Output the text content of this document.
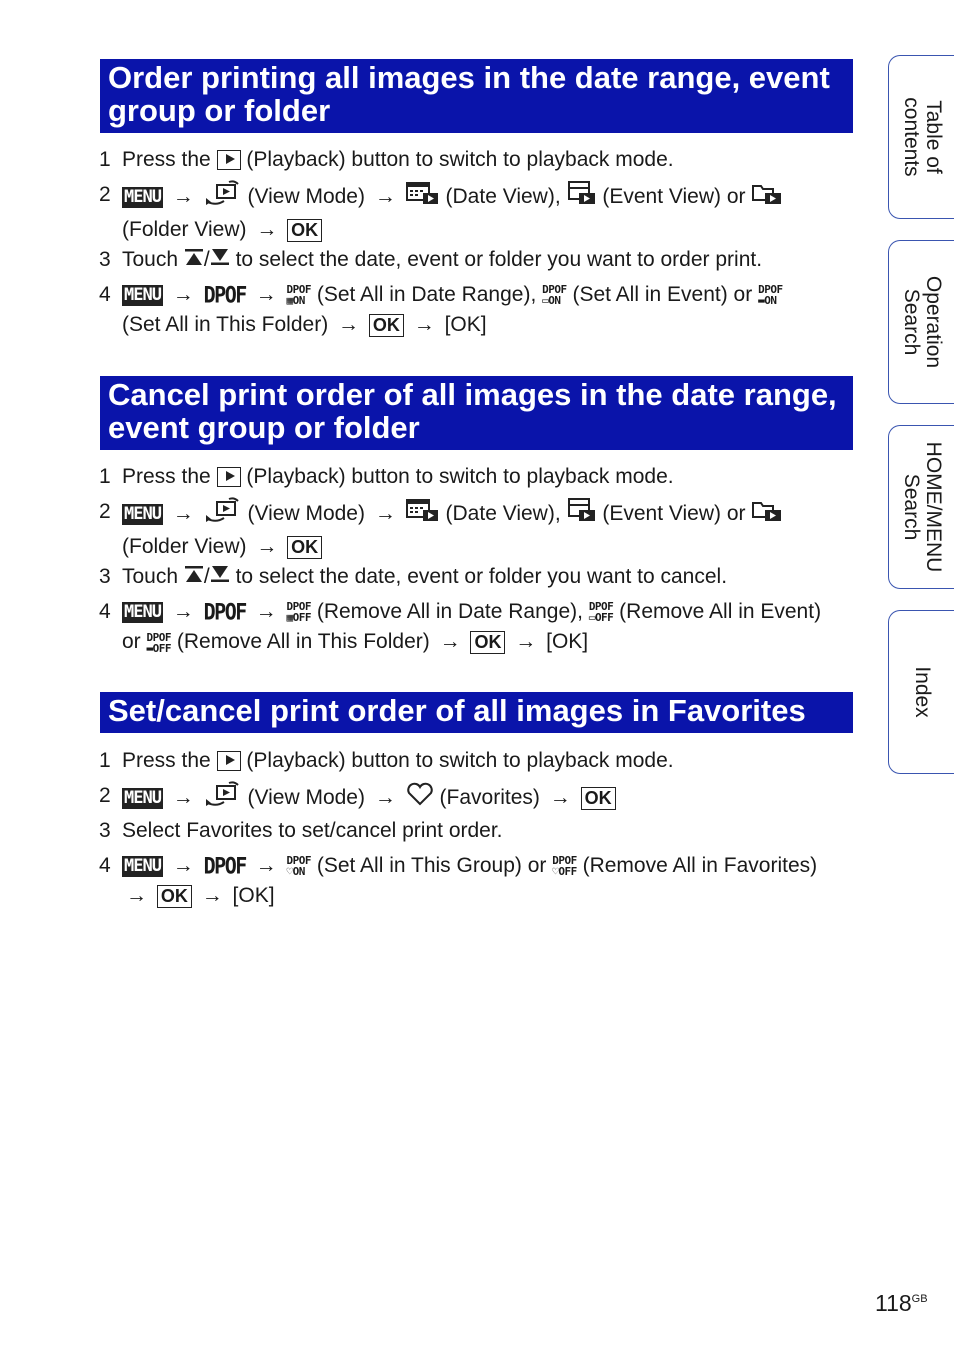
Order printing all images in the date range, event group or folder
1 Press the (Playback) button to switch to playback mode.
2 MENU →	(View Mode) → (Date View), (Event View) or
(Folder View) → OK
3 Touch / to select the date, event or folder you want to order print.
4 MENU → DPOF → DPOF
▦ON (Set All in Date Range), DPOF
▭ON (Set All in Event) or DPOF
▬ON
(Set All in This Folder) → OK → [OK]
Cancel print order of all images in the date range, event group or folder
1 Press the (Playback) button to switch to playback mode.
2 MENU →	(View Mode) → (Date View), (Event View) or
(Folder View) → OK
3 Touch / to select the date, event or folder you want to cancel.
4 MENU → DPOF → DPOF
▦OFF (Remove All in Date Range), DPOF
▭OFF (Remove All in Event) or DPOF
▬OFF (Remove All in This Folder) → OK → [OK]
Set/cancel print order of all images in Favorites
1 Press the (Playback) button to switch to playback mode.
2 MENU →	(View Mode) → (Favorites) → OK
3 Select Favorites to set/cancel print order.
4 MENU → DPOF → DPOF
♡ON (Set All in This Group) or DPOF
♡OFF (Remove All in Favorites) → OK → [OK]
Table of contents
Operation Search
HOME/MENU Search
Index
$118^{GB}$
